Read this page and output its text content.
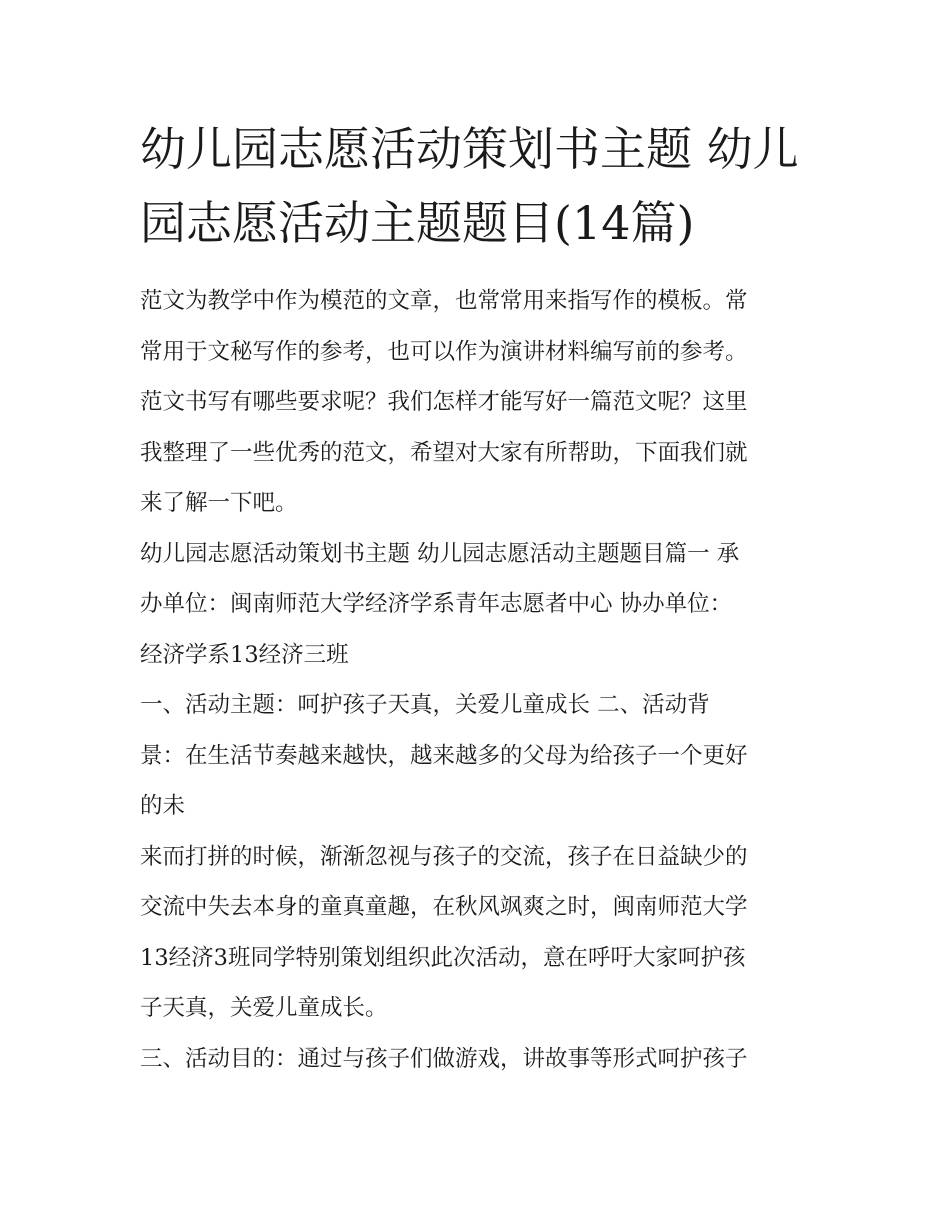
幼儿园志愿活动策划书主题 幼儿园志愿活动主题题目(14篇)
范文为教学中作为模范的文章，也常常用来指写作的模板。常
常用于文秘写作的参考，也可以作为演讲材料编写前的参考。
范文书写有哪些要求呢？我们怎样才能写好一篇范文呢？这里
我整理了一些优秀的范文，希望对大家有所帮助，下面我们就
来了解一下吧。
幼儿园志愿活动策划书主题 幼儿园志愿活动主题题目篇一 承
办单位：闽南师范大学经济学系青年志愿者中心 协办单位：
经济学系13经济三班
一、活动主题：呵护孩子天真，关爱儿童成长 二、活动背
景：在生活节奏越来越快，越来越多的父母为给孩子一个更好
的未
来而打拼的时候，渐渐忽视与孩子的交流，孩子在日益缺少的
交流中失去本身的童真童趣，在秋风飒爽之时，闽南师范大学
13经济3班同学特别策划组织此次活动，意在呼吁大家呵护孩
子天真，关爱儿童成长。
三、活动目的：通过与孩子们做游戏，讲故事等形式呵护孩子
